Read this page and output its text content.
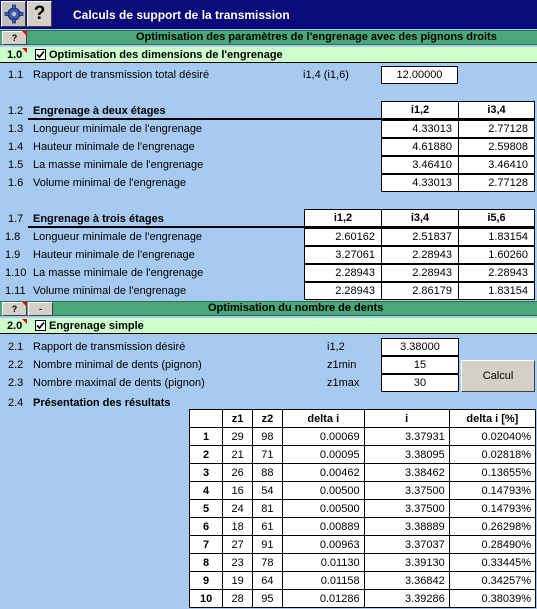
?	Calculs de support de la transmission
?	Optimisation des paramètres de l'engrenage avec des pignons droits
1.0 Optimisation des dimensions de l'engrenage
1.1 Rapport de transmission total désiré	i1,4 (i1,6)	12.00000
1.2 Engrenage à deux étages	i1,2	i3,4
1.3 Longueur minimale de l'engrenage	4.33013	2.77128
1.4 Hauteur minimale de l'engrenage	4.61880	2.59808
1.5 La masse minimale de l'engrenage	3.46410	3.46410
1.6 Volume minimal de l'engrenage	4.33013	2.77128
1.7 Engrenage à trois étages	i1,2	i3,4	i5,6
1.8 Longueur minimale de l'engrenage	2.60162	2.51837	1.83154
1.9 Hauteur minimale de l'engrenage	3.27061	2.28943	1.60260
1.10 La masse minimale de l'engrenage	2.28943	2.28943	2.28943
1.11 Volume minimal de l'engrenage	2.28943	2.86179	1.83154
?	-	Optimisation du nombre de dents
2.0 Engrenage simple
2.1 Rapport de transmission désiré	i1,2	3.38000
2.2 Nombre minimal de dents (pignon)	z1min	15
2.3 Nombre maximal de dents (pignon)	z1max	30
Calcul
2.4 Présentation des résultats
	z1	z2	delta i	i	delta i [%]
1	29	98	0.00069	3.37931	0.02040%
2	21	71	0.00095	3.38095	0.02818%
3	26	88	0.00462	3.38462	0.13655%
4	16	54	0.00500	3.37500	0.14793%
5	24	81	0.00500	3.37500	0.14793%
6	18	61	0.00889	3.38889	0.26298%
7	27	91	0.00963	3.37037	0.28490%
8	23	78	0.01130	3.39130	0.33445%
9	19	64	0.01158	3.36842	0.34257%
10	28	95	0.01286	3.39286	0.38039%
